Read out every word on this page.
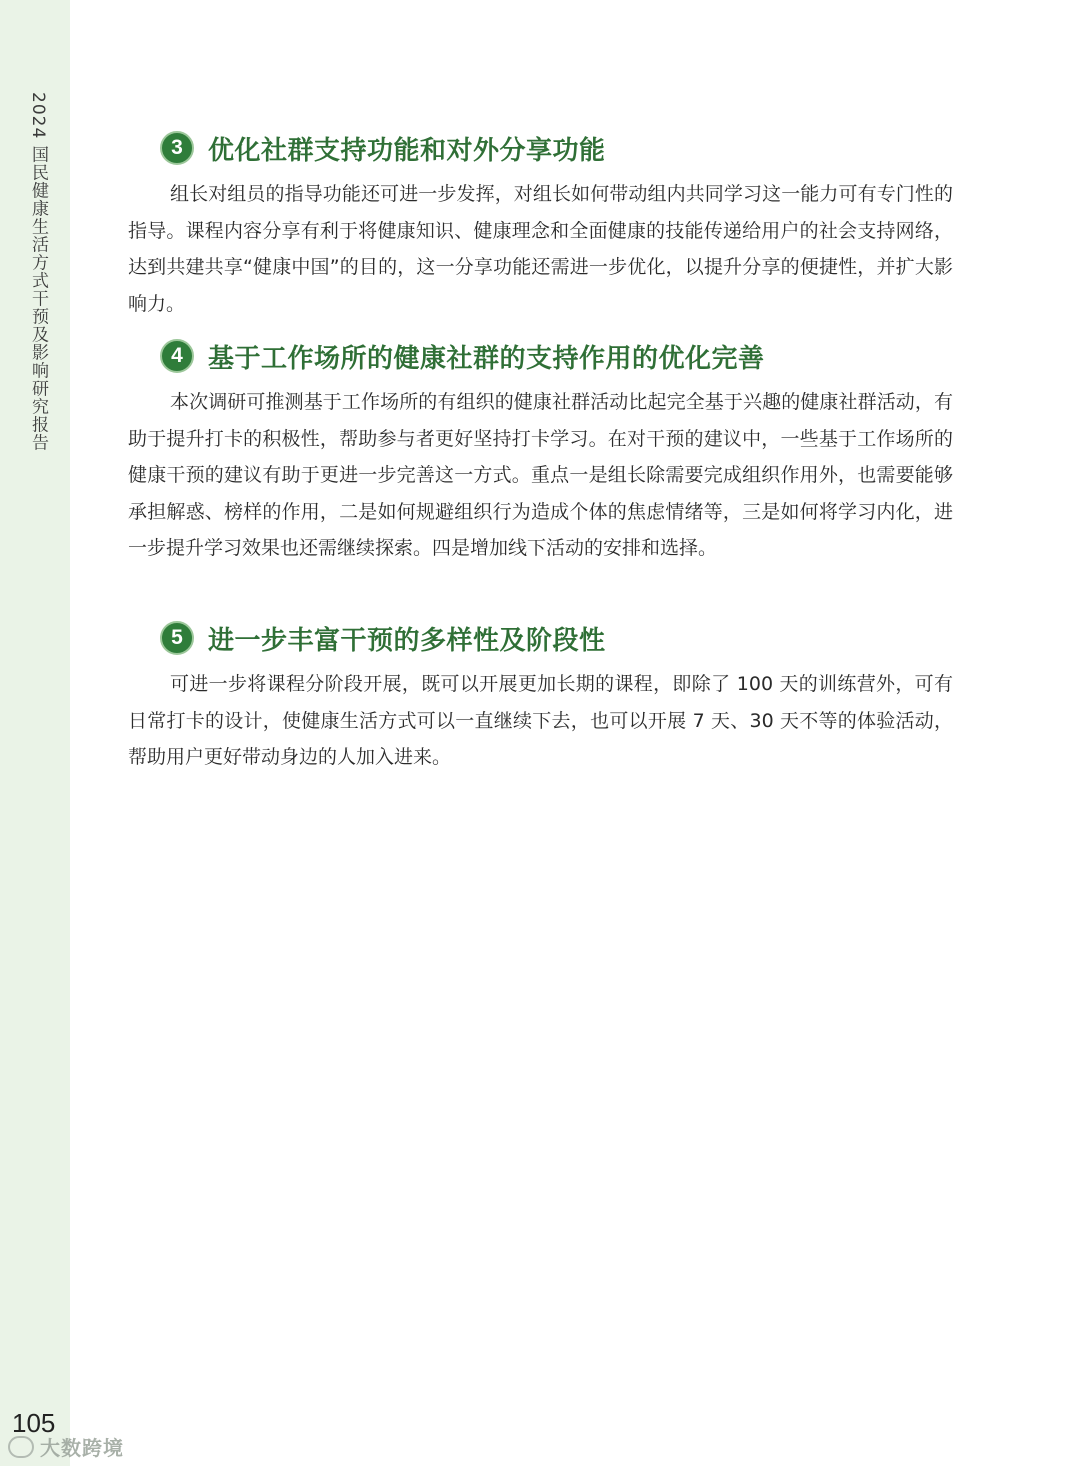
2024 国民健康生活方式干预及影响研究报告
105
大数跨境
3 优化社群支持功能和对外分享功能

组长对组员的指导功能还可进一步发挥，对组长如何带动组内共同学习这一能力可有专门性的指导。课程内容分享有利于将健康知识、健康理念和全面健康的技能传递给用户的社会支持网络，达到共建共享“健康中国”的目的，这一分享功能还需进一步优化，以提升分享的便捷性，并扩大影响力。

4 基于工作场所的健康社群的支持作用的优化完善

本次调研可推测基于工作场所的有组织的健康社群活动比起完全基于兴趣的健康社群活动，有助于提升打卡的积极性，帮助参与者更好坚持打卡学习。在对干预的建议中，一些基于工作场所的健康干预的建议有助于更进一步完善这一方式。重点一是组长除需要完成组织作用外，也需要能够承担解惑、榜样的作用，二是如何规避组织行为造成个体的焦虑情绪等，三是如何将学习内化，进一步提升学习效果也还需继续探索。四是增加线下活动的安排和选择。

5 进一步丰富干预的多样性及阶段性

可进一步将课程分阶段开展，既可以开展更加长期的课程，即除了 100 天的训练营外，可有日常打卡的设计，使健康生活方式可以一直继续下去，也可以开展 7 天、30 天不等的体验活动，帮助用户更好带动身边的人加入进来。
